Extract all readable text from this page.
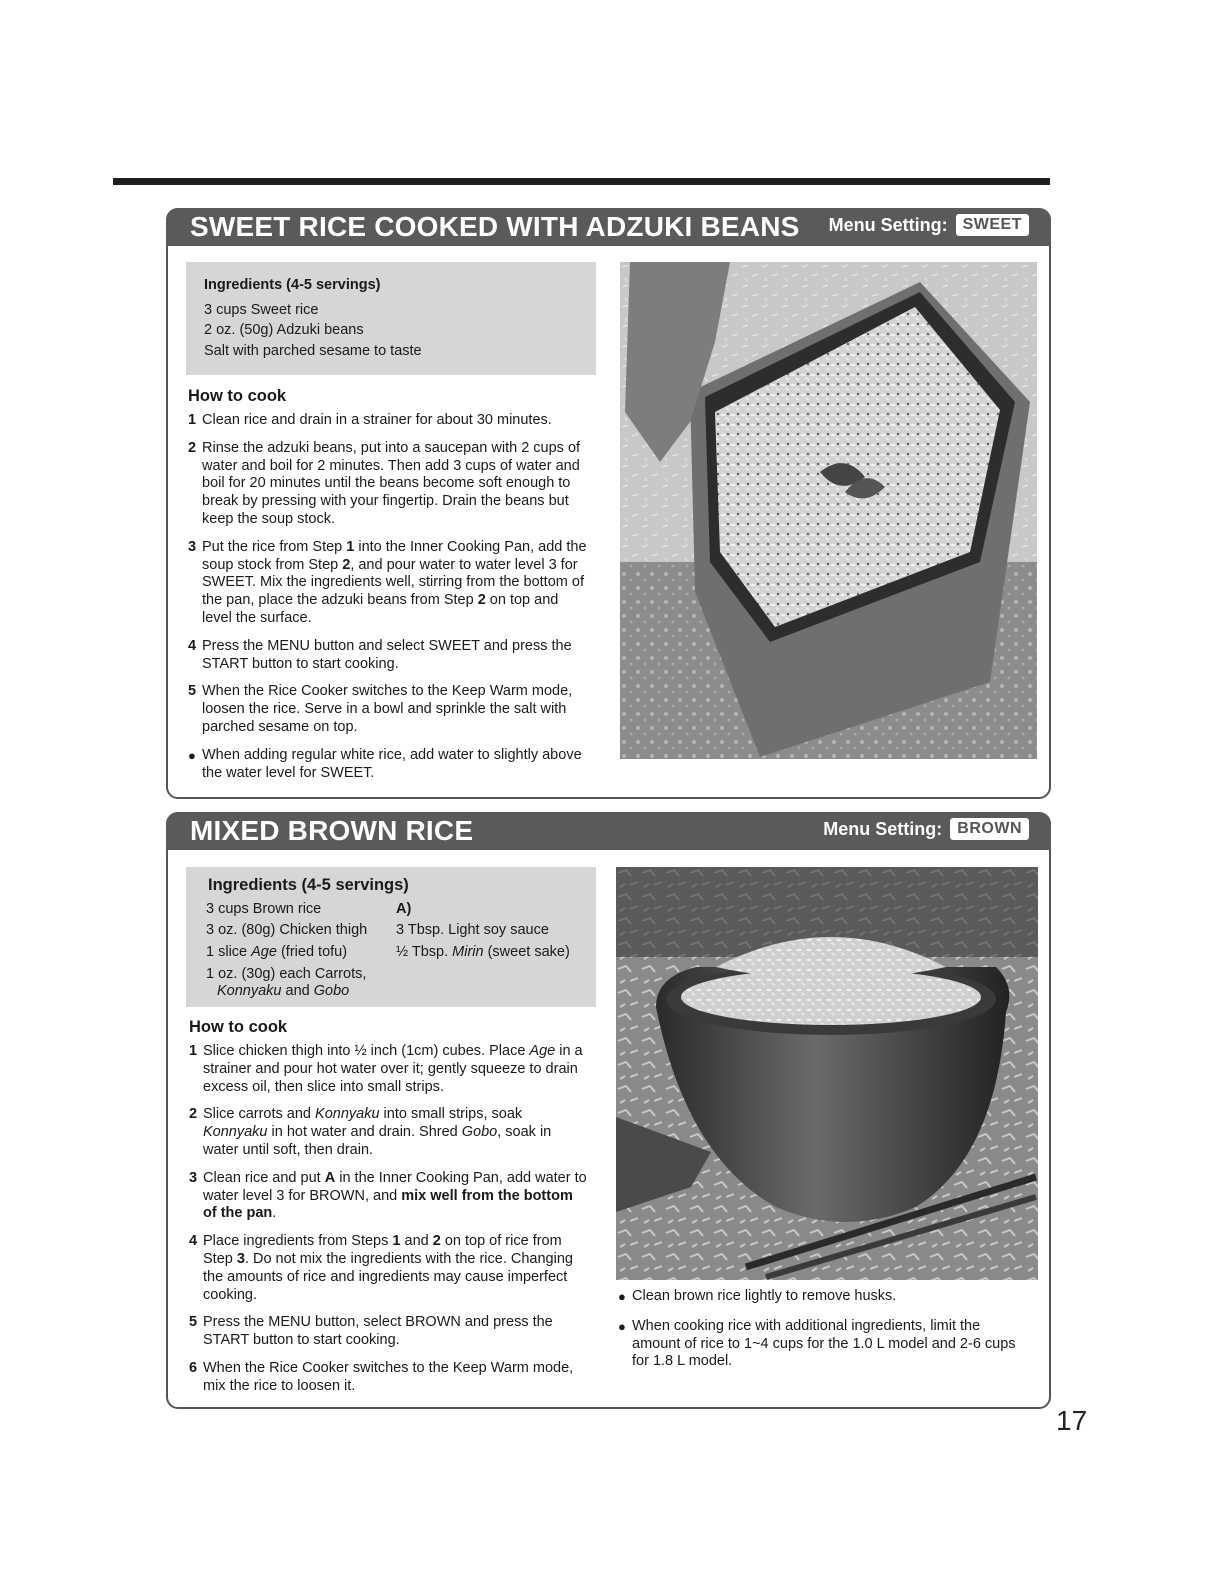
SWEET RICE COOKED WITH ADZUKI BEANS Menu Setting: SWEET
Ingredients (4-5 servings)
3 cups Sweet rice
2 oz. (50g) Adzuki beans
Salt with parched sesame to taste
How to cook
1 Clean rice and drain in a strainer for about 30 minutes.
2 Rinse the adzuki beans, put into a saucepan with 2 cups of water and boil for 2 minutes. Then add 3 cups of water and boil for 20 minutes until the beans become soft enough to break by pressing with your fingertip. Drain the beans but keep the soup stock.
3 Put the rice from Step 1 into the Inner Cooking Pan, add the soup stock from Step 2, and pour water to water level 3 for SWEET. Mix the ingredients well, stirring from the bottom of the pan, place the adzuki beans from Step 2 on top and level the surface.
4 Press the MENU button and select SWEET and press the START button to start cooking.
5 When the Rice Cooker switches to the Keep Warm mode, loosen the rice. Serve in a bowl and sprinkle the salt with parched sesame on top.
● When adding regular white rice, add water to slightly above the water level for SWEET.
MIXED BROWN RICE	Menu Setting: BROWN
Ingredients (4-5 servings)
3 cups Brown rice
3 oz. (80g) Chicken thigh
1 slice Age (fried tofu)
1 oz. (30g) each Carrots,
Konnyaku and Gobo
A)
3 Tbsp. Light soy sauce
½ Tbsp. Mirin (sweet sake)
How to cook
1 Slice chicken thigh into ½ inch (1cm) cubes. Place Age in a strainer and pour hot water over it; gently squeeze to drain excess oil, then slice into small strips.
2 Slice carrots and Konnyaku into small strips, soak Konnyaku in hot water and drain. Shred Gobo, soak in water until soft, then drain.
3 Clean rice and put A in the Inner Cooking Pan, add water to water level 3 for BROWN, and mix well from the bottom of the pan.
4 Place ingredients from Steps 1 and 2 on top of rice from Step 3. Do not mix the ingredients with the rice. Changing the amounts of rice and ingredients may cause imperfect cooking.
5 Press the MENU button, select BROWN and press the START button to start cooking.
6 When the Rice Cooker switches to the Keep Warm mode, mix the rice to loosen it.
● Clean brown rice lightly to remove husks.
● When cooking rice with additional ingredients, limit the amount of rice to 1~4 cups for the 1.0 L model and 2-6 cups for 1.8 L model.
17
